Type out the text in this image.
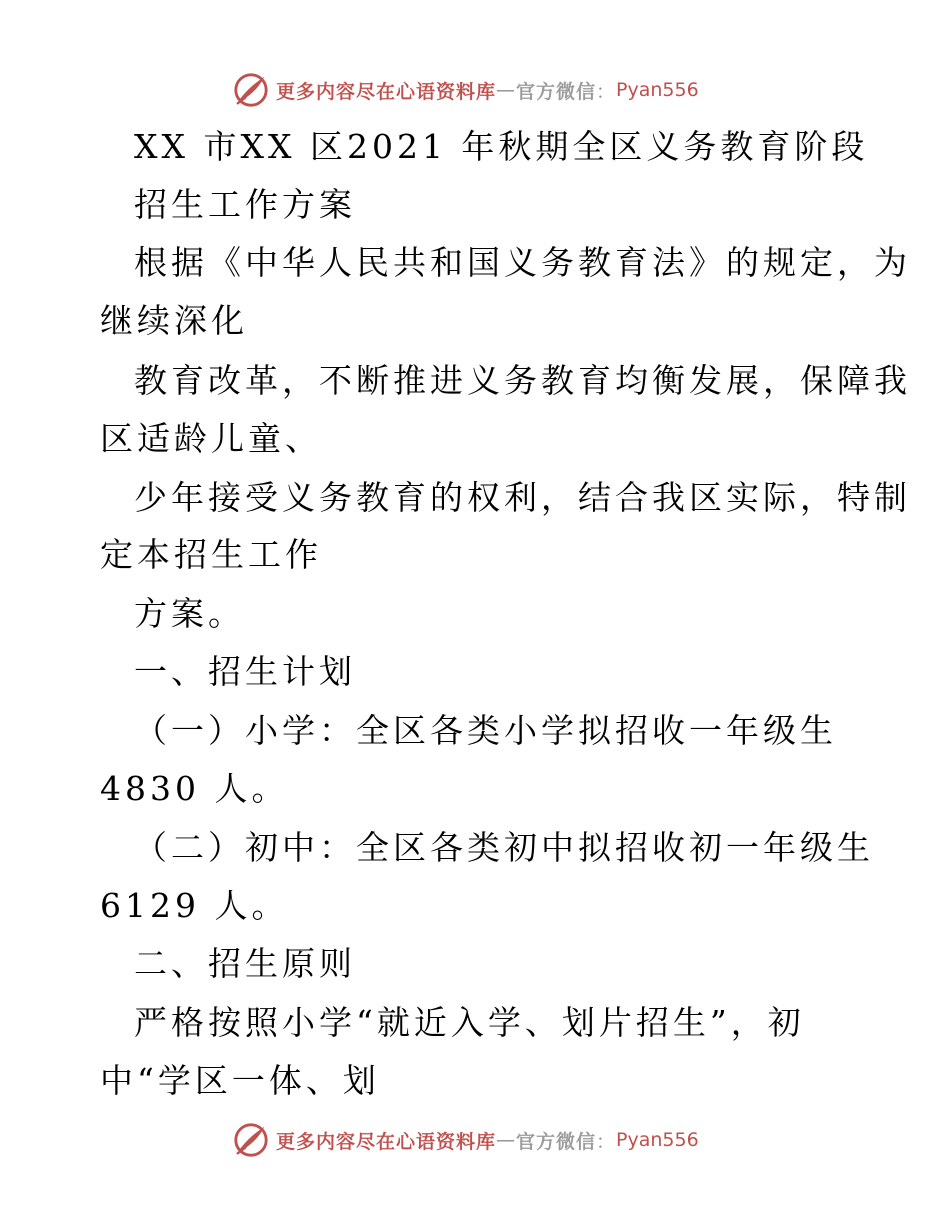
更多内容尽在心语资料库 — 官方微信 ： Pyan556
XX 市XX 区2021 年秋期全区义务教育阶段
招生工作方案
根据《中华人民共和国义务教育法》的规定，为
继续深化
教育改革，不断推进义务教育均衡发展，保障我
区适龄儿童、
少年接受义务教育的权利，结合我区实际，特制
定本招生工作
方案。
一、招生计划
（一）小学：全区各类小学拟招收一年级生
4830 人。
（二）初中：全区各类初中拟招收初一年级生
6129 人。
二、招生原则
严格按照小学“就近入学、划片招生”，初
中“学区一体、划
更多内容尽在心语资料库 — 官方微信 ： Pyan556
